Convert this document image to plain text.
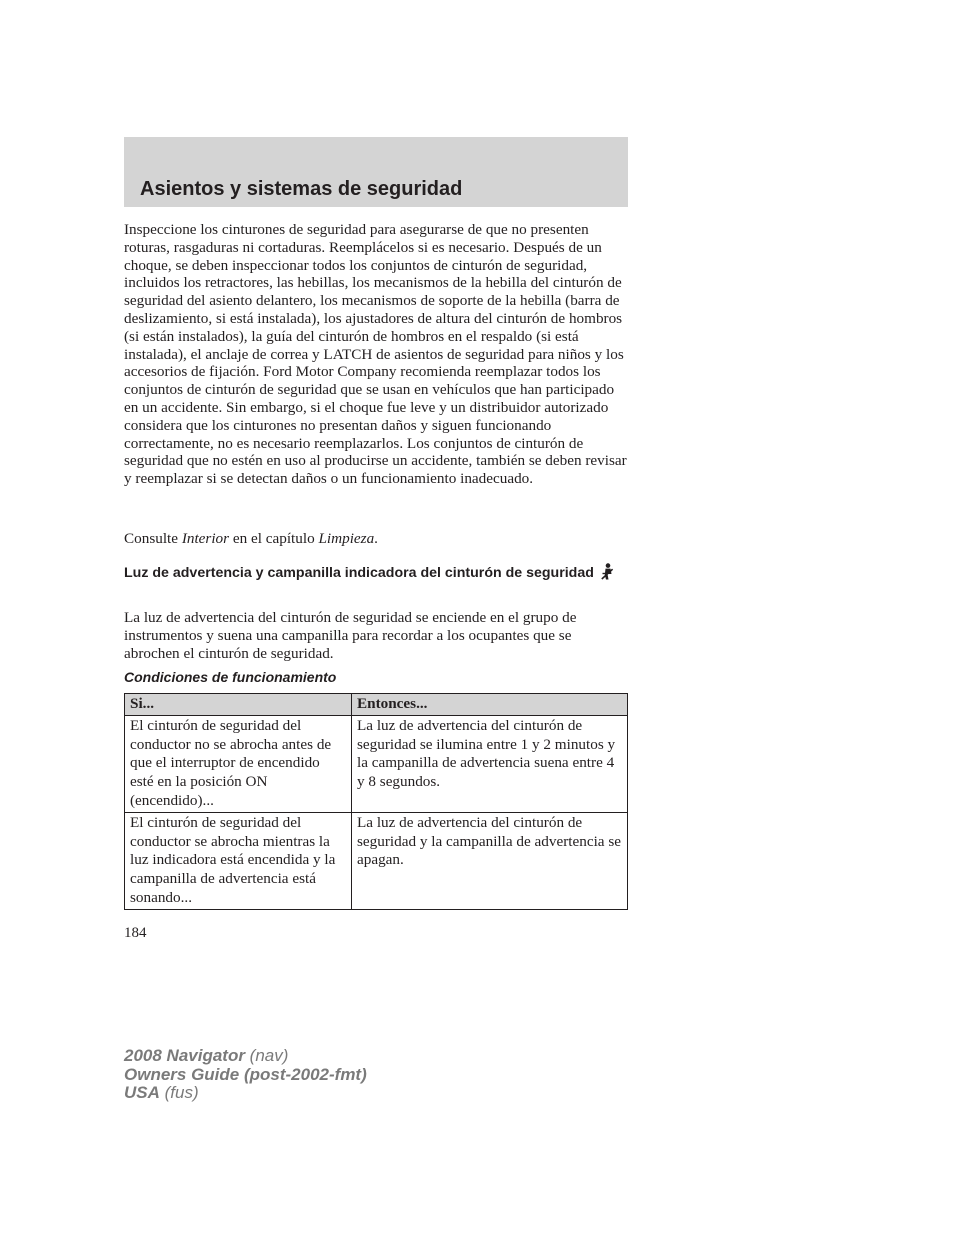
Asientos y sistemas de seguridad

Inspeccione los cinturones de seguridad para asegurarse de que no presenten roturas, rasgaduras ni cortaduras. Reemplácelos si es necesario. Después de un choque, se deben inspeccionar todos los conjuntos de cinturón de seguridad, incluidos los retractores, las hebillas, los mecanismos de la hebilla del cinturón de seguridad del asiento delantero, los mecanismos de soporte de la hebilla (barra de deslizamiento, si está instalada), los ajustadores de altura del cinturón de hombros (si están instalados), la guía del cinturón de hombros en el respaldo (si está instalada), el anclaje de correa y LATCH de asientos de seguridad para niños y los accesorios de fijación. Ford Motor Company recomienda reemplazar todos los conjuntos de cinturón de seguridad que se usan en vehículos que han participado en un accidente. Sin embargo, si el choque fue leve y un distribuidor autorizado considera que los cinturones no presentan daños y siguen funcionando correctamente, no es necesario reemplazarlos. Los conjuntos de cinturón de seguridad que no estén en uso al producirse un accidente, también se deben revisar y reemplazar si se detectan daños o un funcionamiento inadecuado.

Consulte Interior en el capítulo Limpieza.

Luz de advertencia y campanilla indicadora del cinturón de seguridad

La luz de advertencia del cinturón de seguridad se enciende en el grupo de instrumentos y suena una campanilla para recordar a los ocupantes que se abrochen el cinturón de seguridad.

Condiciones de funcionamiento

Si...	Entonces...
El cinturón de seguridad del conductor no se abrocha antes de que el interruptor de encendido esté en la posición ON (encendido)...	La luz de advertencia del cinturón de seguridad se ilumina entre 1 y 2 minutos y la campanilla de advertencia suena entre 4 y 8 segundos.
El cinturón de seguridad del conductor se abrocha mientras la luz indicadora está encendida y la campanilla de advertencia está sonando...	La luz de advertencia del cinturón de seguridad y la campanilla de advertencia se apagan.

184

2008 Navigator (nav)
Owners Guide (post-2002-fmt)
USA (fus)
